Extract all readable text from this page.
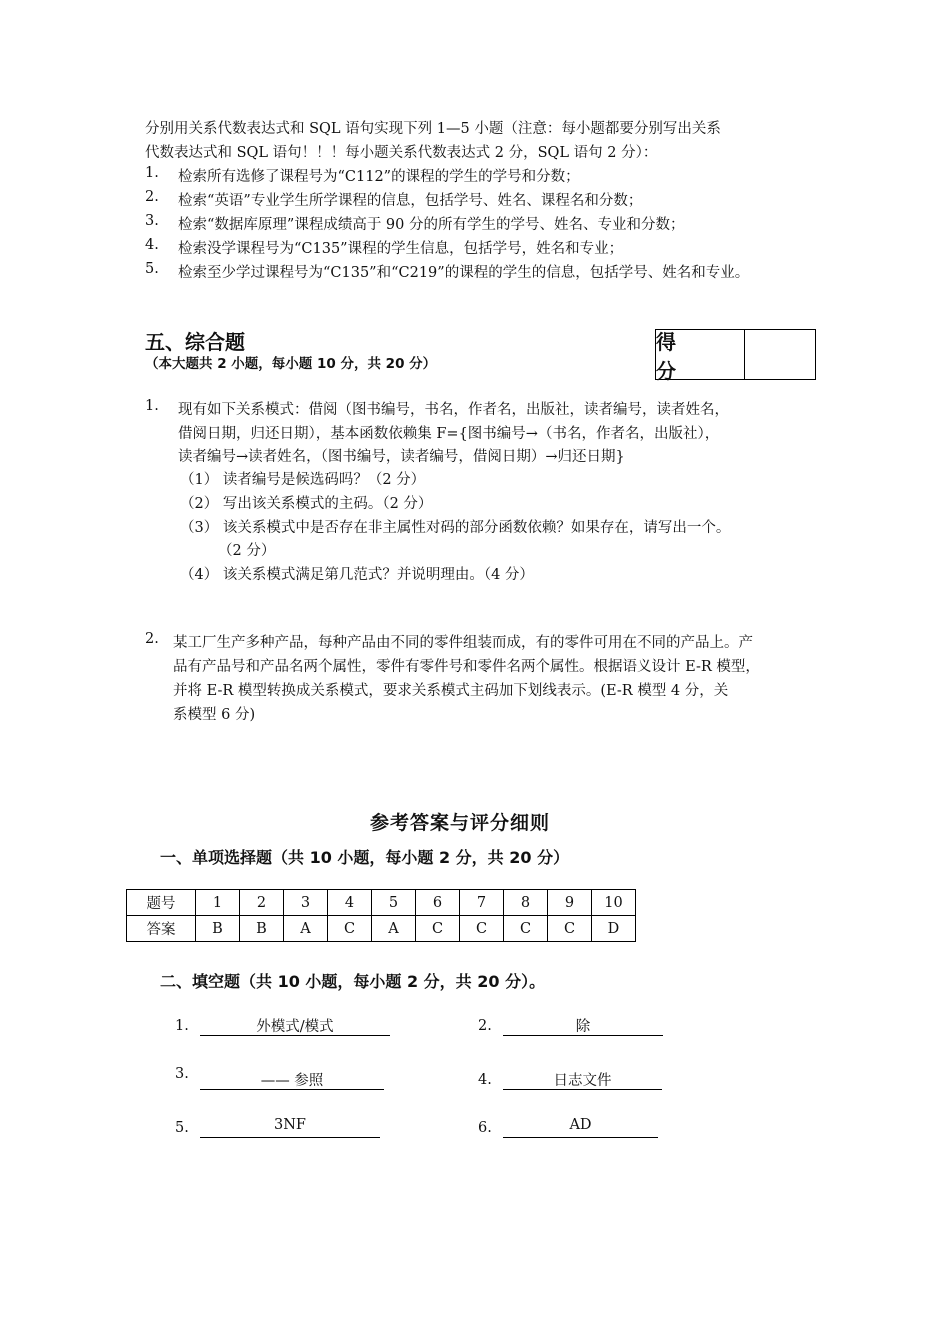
分别用关系代数表达式和 SQL 语句实现下列 1—5 小题（注意：每小题都要分别写出关系
代数表达式和 SQL 语句！！！每小题关系代数表达式 2 分，SQL 语句 2 分）：
1. 检索所有选修了课程号为“C112”的课程的学生的学号和分数；
2. 检索“英语”专业学生所学课程的信息，包括学号、姓名、课程名和分数；
3. 检索“数据库原理”课程成绩高于 90 分的所有学生的学号、姓名、专业和分数；
4. 检索没学课程号为“C135”课程的学生信息，包括学号，姓名和专业；
5. 检索至少学过课程号为“C135”和“C219”的课程的学生的信息，包括学号、姓名和专业。
五、综合题
（本大题共 2 小题，每小题 10 分，共 20 分）
得 分
1. 现有如下关系模式：借阅（图书编号，书名，作者名，出版社，读者编号，读者姓名，
借阅日期，归还日期），基本函数依赖集 F={图书编号→（书名，作者名，出版社），
读者编号→读者姓名，（图书编号，读者编号，借阅日期）→归还日期}
（1） 读者编号是候选码吗？（2 分）
（2） 写出该关系模式的主码。（2 分）
（3） 该关系模式中是否存在非主属性对码的部分函数依赖？如果存在，请写出一个。
（2 分）
（4） 该关系模式满足第几范式？并说明理由。（4 分）
2. 某工厂生产多种产品，每种产品由不同的零件组装而成，有的零件可用在不同的产品上。产
品有产品号和产品名两个属性，零件有零件号和零件名两个属性。根据语义设计 E-R 模型，
并将 E-R 模型转换成关系模式，要求关系模式主码加下划线表示。(E-R 模型 4 分，关
系模型 6 分)
参考答案与评分细则
一、单项选择题（共 10 小题，每小题 2 分，共 20 分）
题号	1	2	3	4	5	6	7	8	9	10
答案	B	B	A	C	A	C	C	C	C	D
二、填空题（共 10 小题，每小题 2 分，共 20 分）。
1.	外模式/模式	2.	除
3.	—— 参照	4.	日志文件
5.	3NF	6.	AD
